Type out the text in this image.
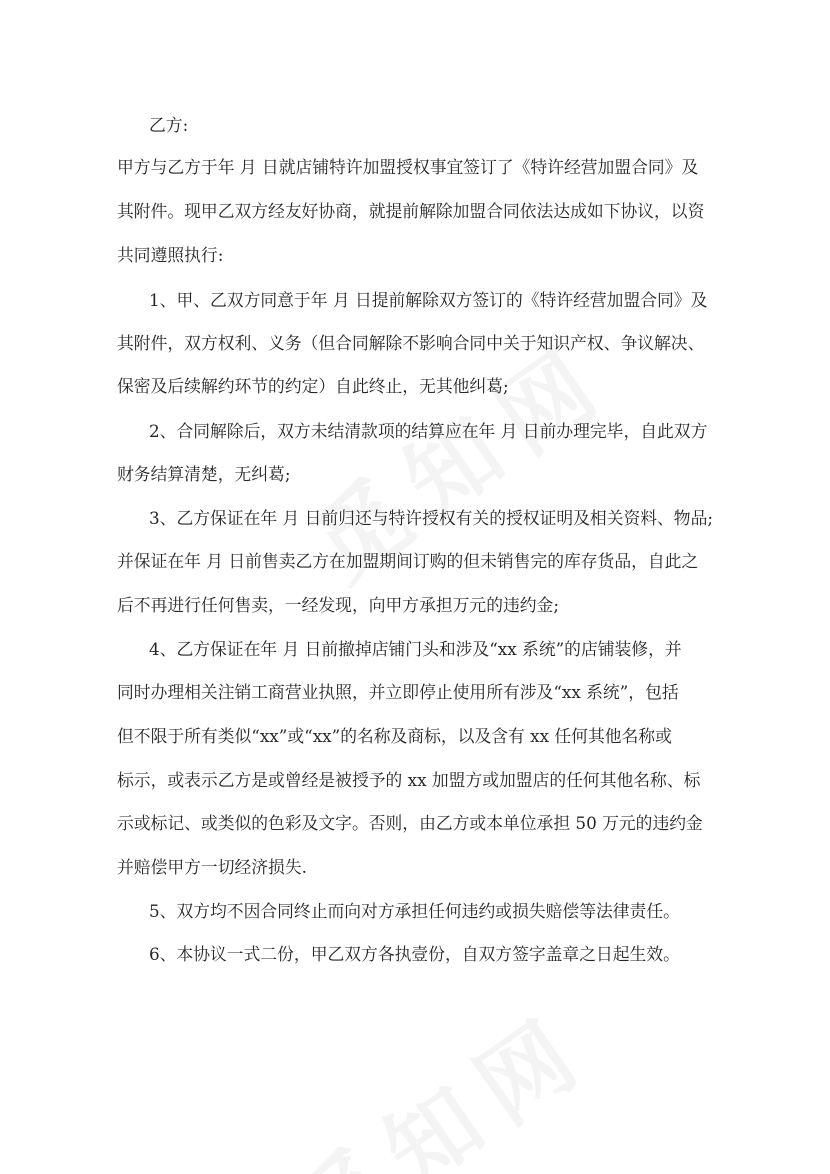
乙方:
甲方与乙方于年 月 日就店铺特许加盟授权事宜签订了《特许经营加盟合同》及
其附件。现甲乙双方经友好协商，就提前解除加盟合同依法达成如下协议，以资
共同遵照执行:
1、甲、乙双方同意于年 月 日提前解除双方签订的《特许经营加盟合同》及
其附件，双方权利、义务（但合同解除不影响合同中关于知识产权、争议解决、
保密及后续解约环节的约定）自此终止，无其他纠葛;
2、合同解除后，双方未结清款项的结算应在年 月 日前办理完毕，自此双方
财务结算清楚，无纠葛;
3、乙方保证在年 月 日前归还与特许授权有关的授权证明及相关资料、物品;
并保证在年 月 日前售卖乙方在加盟期间订购的但未销售完的库存货品，自此之
后不再进行任何售卖，一经发现，向甲方承担万元的违约金;
4、乙方保证在年 月 日前撤掉店铺门头和涉及“xx 系统”的店铺装修，并
同时办理相关注销工商营业执照，并立即停止使用所有涉及“xx 系统”，包括
但不限于所有类似“xx”或“xx”的名称及商标，以及含有 xx 任何其他名称或
标示，或表示乙方是或曾经是被授予的 xx 加盟方或加盟店的任何其他名称、标
示或标记、或类似的色彩及文字。否则，由乙方或本单位承担 50 万元的违约金
并赔偿甲方一切经济损失.
5、双方均不因合同终止而向对方承担任何违约或损失赔偿等法律责任。
6、本协议一式二份，甲乙双方各执壹份，自双方签字盖章之日起生效。
